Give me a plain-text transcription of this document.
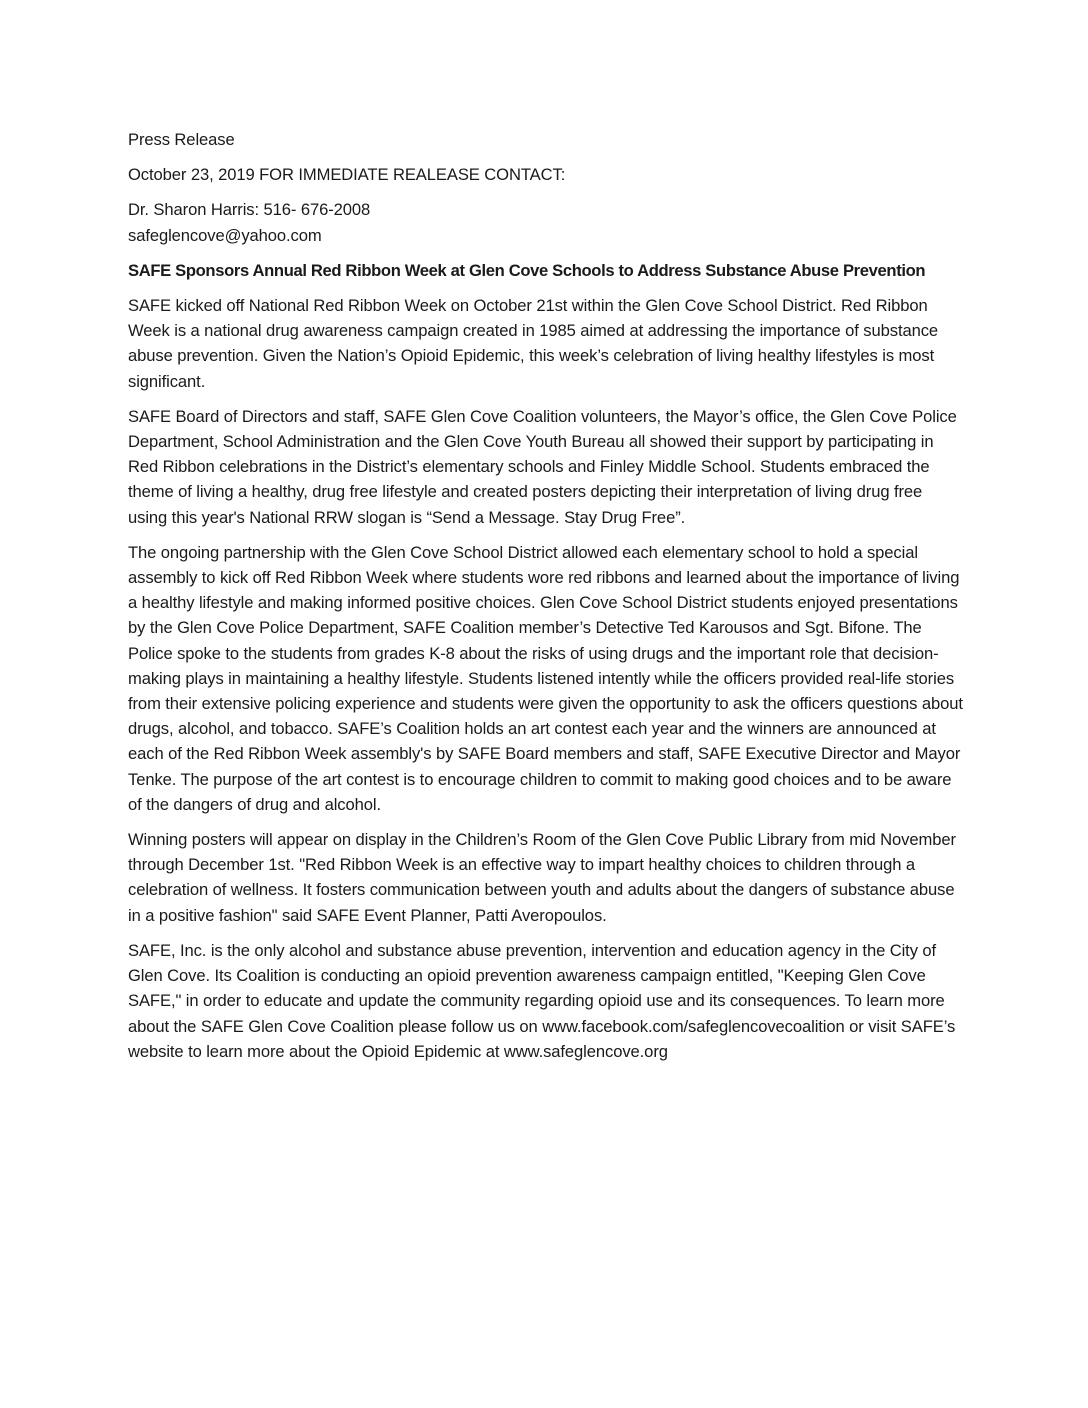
Press Release

October 23, 2019 FOR IMMEDIATE REALEASE CONTACT:

Dr. Sharon Harris: 516- 676-2008
safeglencove@yahoo.com

SAFE Sponsors Annual Red Ribbon Week at Glen Cove Schools to Address Substance Abuse Prevention

SAFE kicked off National Red Ribbon Week on October 21st within the Glen Cove School District. Red Ribbon Week is a national drug awareness campaign created in 1985 aimed at addressing the importance of substance abuse prevention. Given the Nation’s Opioid Epidemic, this week’s celebration of living healthy lifestyles is most significant.

SAFE Board of Directors and staff, SAFE Glen Cove Coalition volunteers, the Mayor’s office, the Glen Cove Police Department, School Administration and the Glen Cove Youth Bureau all showed their support by participating in Red Ribbon celebrations in the District’s elementary schools and Finley Middle School. Students embraced the theme of living a healthy, drug free lifestyle and created posters depicting their interpretation of living drug free using this year's National RRW slogan is “Send a Message. Stay Drug Free”.

The ongoing partnership with the Glen Cove School District allowed each elementary school to hold a special assembly to kick off Red Ribbon Week where students wore red ribbons and learned about the importance of living a healthy lifestyle and making informed positive choices. Glen Cove School District students enjoyed presentations by the Glen Cove Police Department, SAFE Coalition member’s Detective Ted Karousos and Sgt. Bifone. The Police spoke to the students from grades K-8 about the risks of using drugs and the important role that decision-making plays in maintaining a healthy lifestyle. Students listened intently while the officers provided real-life stories from their extensive policing experience and students were given the opportunity to ask the officers questions about drugs, alcohol, and tobacco. SAFE’s Coalition holds an art contest each year and the winners are announced at each of the Red Ribbon Week assembly's by SAFE Board members and staff, SAFE Executive Director and Mayor Tenke. The purpose of the art contest is to encourage children to commit to making good choices and to be aware of the dangers of drug and alcohol.

Winning posters will appear on display in the Children’s Room of the Glen Cove Public Library from mid November through December 1st. "Red Ribbon Week is an effective way to impart healthy choices to children through a celebration of wellness. It fosters communication between youth and adults about the dangers of substance abuse in a positive fashion" said SAFE Event Planner, Patti Averopoulos.

SAFE, Inc. is the only alcohol and substance abuse prevention, intervention and education agency in the City of Glen Cove. Its Coalition is conducting an opioid prevention awareness campaign entitled, "Keeping Glen Cove SAFE," in order to educate and update the community regarding opioid use and its consequences. To learn more about the SAFE Glen Cove Coalition please follow us on www.facebook.com/safeglencovecoalition or visit SAFE’s website to learn more about the Opioid Epidemic at www.safeglencove.org
